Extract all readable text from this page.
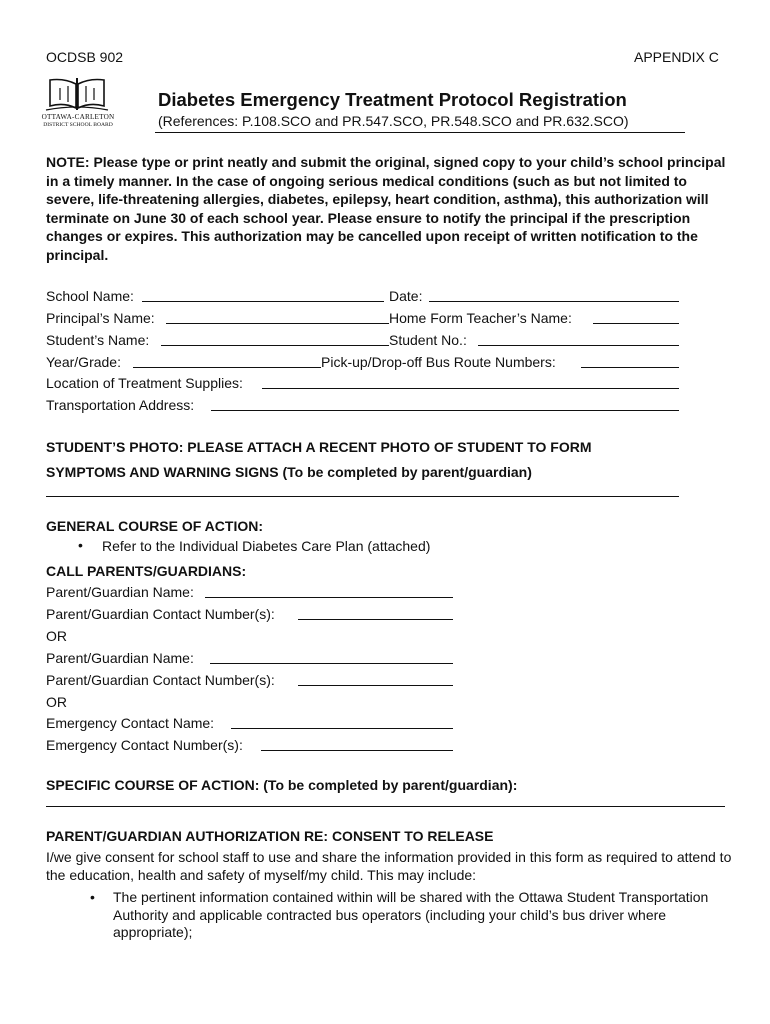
OCDSB 902	APPENDIX C
OTTAWA-CARLETON
DISTRICT SCHOOL BOARD
Diabetes Emergency Treatment Protocol Registration
(References: P.108.SCO and PR.547.SCO, PR.548.SCO and PR.632.SCO)
NOTE: Please type or print neatly and submit the original, signed copy to your child’s school principal in a timely manner. In the case of ongoing serious medical conditions (such as but not limited to severe, life-threatening allergies, diabetes, epilepsy, heart condition, asthma), this authorization will terminate on June 30 of each school year. Please ensure to notify the principal if the prescription changes or expires. This authorization may be cancelled upon receipt of written notification to the principal.
School Name:	Date:
Principal’s Name:	Home Form Teacher’s Name:
Student’s Name:	Student No.:
Year/Grade:	Pick-up/Drop-off Bus Route Numbers:
Location of Treatment Supplies:
Transportation Address:
STUDENT’S PHOTO: PLEASE ATTACH A RECENT PHOTO OF STUDENT TO FORM
SYMPTOMS AND WARNING SIGNS (To be completed by parent/guardian)
GENERAL COURSE OF ACTION:
• Refer to the Individual Diabetes Care Plan (attached)
CALL PARENTS/GUARDIANS:
Parent/Guardian Name:
Parent/Guardian Contact Number(s):
OR
Parent/Guardian Name:
Parent/Guardian Contact Number(s):
OR
Emergency Contact Name:
Emergency Contact Number(s):
SPECIFIC COURSE OF ACTION: (To be completed by parent/guardian):
PARENT/GUARDIAN AUTHORIZATION RE: CONSENT TO RELEASE
I/we give consent for school staff to use and share the information provided in this form as required to attend to the education, health and safety of myself/my child. This may include:
• The pertinent information contained within will be shared with the Ottawa Student Transportation Authority and applicable contracted bus operators (including your child’s bus driver where appropriate);
